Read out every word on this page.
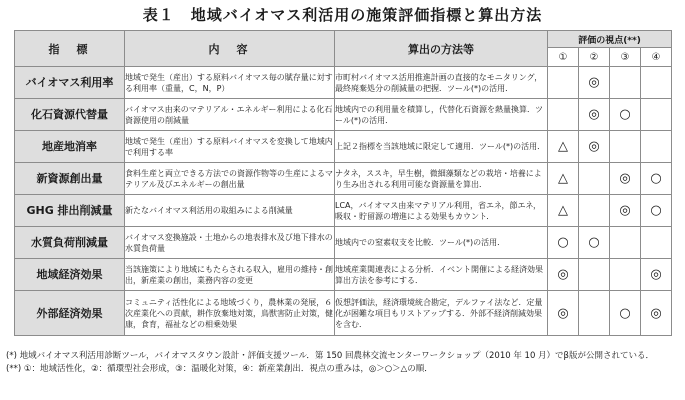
表１　地域バイオマス利活用の施策評価指標と算出方法
指　標	内　容	算出の方法等	評価の視点(**)			
			①	②	③	④
バイオマス利用率	地域で発生（産出）する原料バイオマス毎の賦存量に対する利用率（重量，C，N，P）	市町村バイオマス活用推進計画の直接的なモニタリング，最終廃棄処分の削減量の把握．ツール(*)の活用．		◎		
化石資源代替量	バイオマス由来のマテリアル・エネルギー利用による化石資源使用の削減量	地域内での利用量を積算し，代替化石資源を熱量換算．ツール(*)の活用．		◎	○	
地産地消率	地域で発生（産出）する原料バイオマスを変換して地域内で利用する率	上記２指標を当該地域に限定して適用．ツール(*)の活用．	△	◎		
新資源創出量	食料生産と両立できる方法での資源作物等の生産によるマテリアル及びエネルギーの創出量	ナタネ，ススキ，早生樹，微細藻類などの栽培・培養により生み出される利用可能な資源量を算出．	△		◎	○
GHG 排出削減量	新たなバイオマス利活用の取組みによる削減量	LCA，バイオマス由来マテリアル利用，省エネ，節エネ，吸収・貯留源の増進による効果もカウント．	△		◎	○
水質負荷削減量	バイオマス変換施設・土地からの地表排水及び地下排水の水質負荷量	地域内での窒素収支を比較．ツール(*)の活用．	○	○		
地域経済効果	当該施策により地域にもたらされる収入，雇用の維持・創出，新産業の創出，業務内容の変更	地域産業関連表による分析．イベント開催による経済効果算出方法を参考にする．	◎			◎
外部経済効果	コミュニティ活性化による地域づくり，農林業の発展，６次産業化への貢献，耕作放棄地対策，鳥獣害防止対策，健康，食育，福祉などの相乗効果	仮想評価法，経済環境統合勘定，デルファイ法など．定量化が困難な項目もリストアップする．外部不経済削減効果を含む．	◎		○	◎
(*) 地域バイオマス利活用診断ツール，バイオマスタウン設計・評価支援ツール．第 150 回農林交流センターワークショップ（2010 年 10 月）でβ版が公開されている．
(**) ①：地域活性化，②：循環型社会形成，③：温暖化対策，④：新産業創出．視点の重みは，◎＞○＞△の順．
